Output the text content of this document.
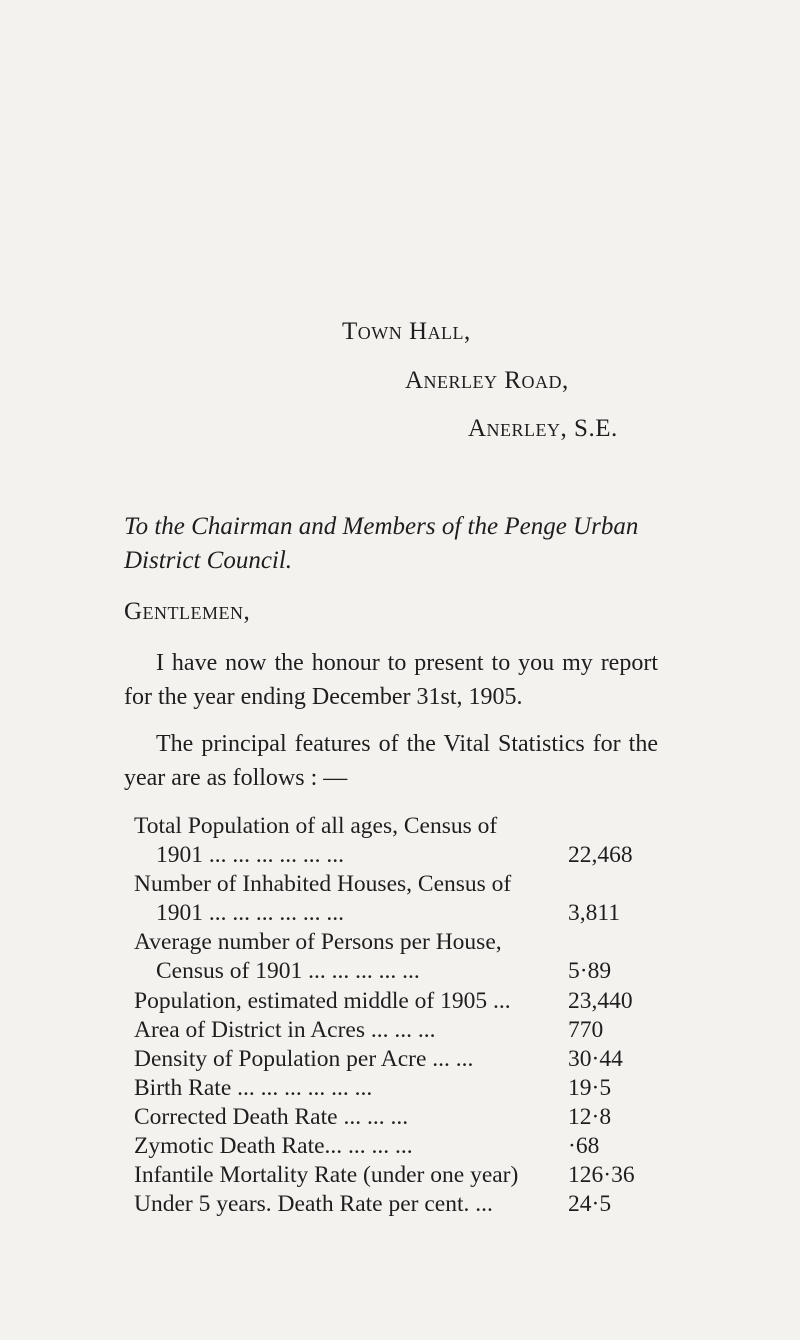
Town Hall,

Anerley Road,

Anerley, S.E.

To the Chairman and Members of the Penge Urban District Council.

Gentlemen,

I have now the honour to present to you my report for the year ending December 31st, 1905.

The principal features of the Vital Statistics for the year are as follows : —

Total Population of all ages, Census of
1901 ... ... ... ... ... ...	22,468
Number of Inhabited Houses, Census of
1901 ... ... ... ... ... ...	3,811
Average number of Persons per House,
Census of 1901 ... ... ... ... ...	5·89
Population, estimated middle of 1905 ...	23,440
Area of District in Acres ... ... ...	770
Density of Population per Acre ... ...	30·44
Birth Rate ... ... ... ... ... ...	19·5
Corrected Death Rate ... ... ...	12·8
Zymotic Death Rate... ... ... ...	·68
Infantile Mortality Rate (under one year)	126·36
Under 5 years. Death Rate per cent. ...	24·5
